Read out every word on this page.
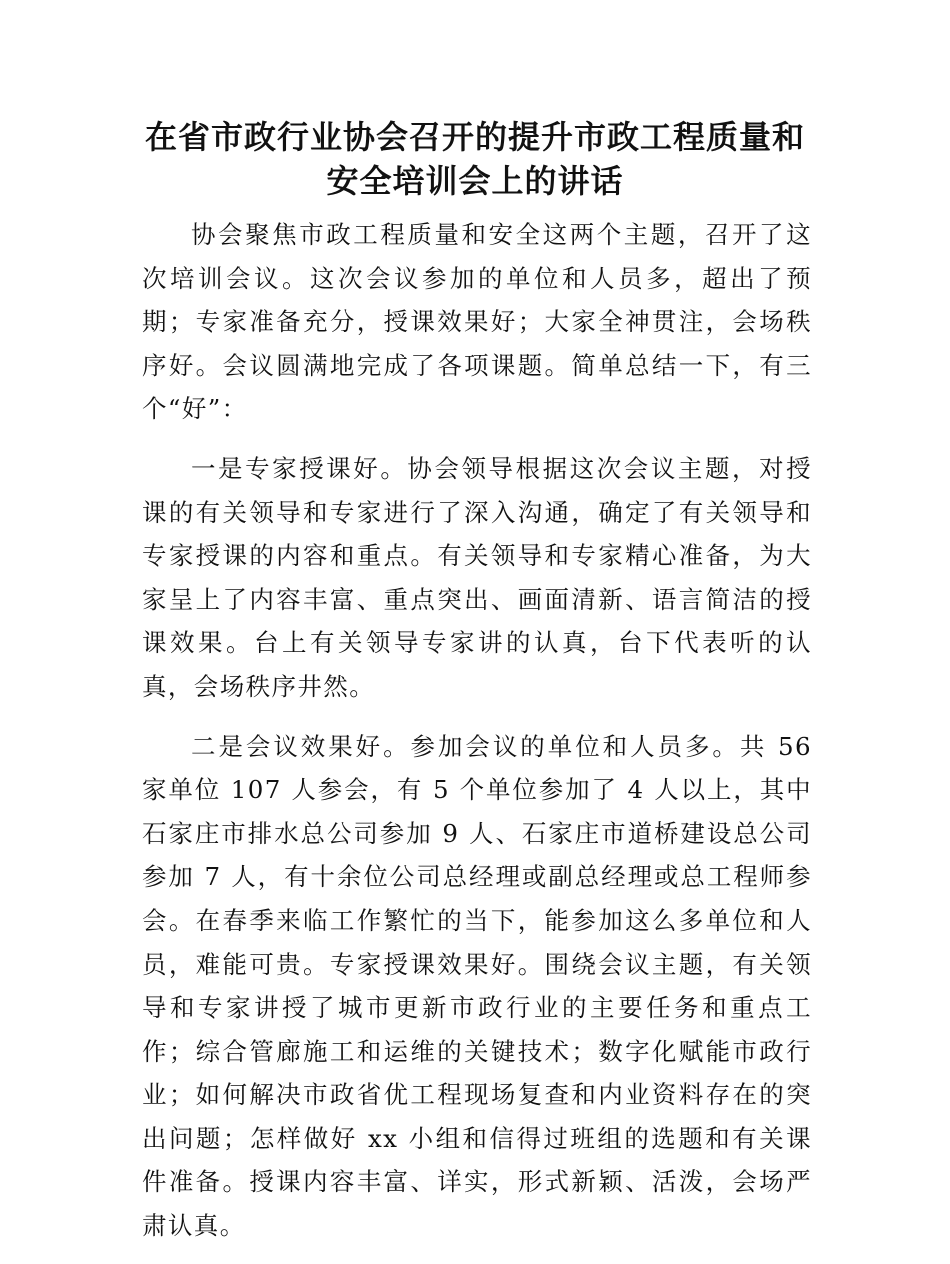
在省市政行业协会召开的提升市政工程质量和
安全培训会上的讲话

协会聚焦市政工程质量和安全这两个主题，召开了这次培训会议。这次会议参加的单位和人员多，超出了预期；专家准备充分，授课效果好；大家全神贯注，会场秩序好。会议圆满地完成了各项课题。简单总结一下，有三个“好”：

一是专家授课好。协会领导根据这次会议主题，对授课的有关领导和专家进行了深入沟通，确定了有关领导和专家授课的内容和重点。有关领导和专家精心准备，为大家呈上了内容丰富、重点突出、画面清新、语言简洁的授课效果。台上有关领导专家讲的认真，台下代表听的认真，会场秩序井然。

二是会议效果好。参加会议的单位和人员多。共 56 家单位 107 人参会，有 5 个单位参加了 4 人以上，其中石家庄市排水总公司参加 9 人、石家庄市道桥建设总公司参加 7 人，有十余位公司总经理或副总经理或总工程师参会。在春季来临工作繁忙的当下，能参加这么多单位和人员，难能可贵。专家授课效果好。围绕会议主题，有关领导和专家讲授了城市更新市政行业的主要任务和重点工作；综合管廊施工和运维的关键技术；数字化赋能市政行业；如何解决市政省优工程现场复查和内业资料存在的突出问题；怎样做好 xx 小组和信得过班组的选题和有关课件准备。授课内容丰富、详实，形式新颖、活泼，会场严肃认真。
